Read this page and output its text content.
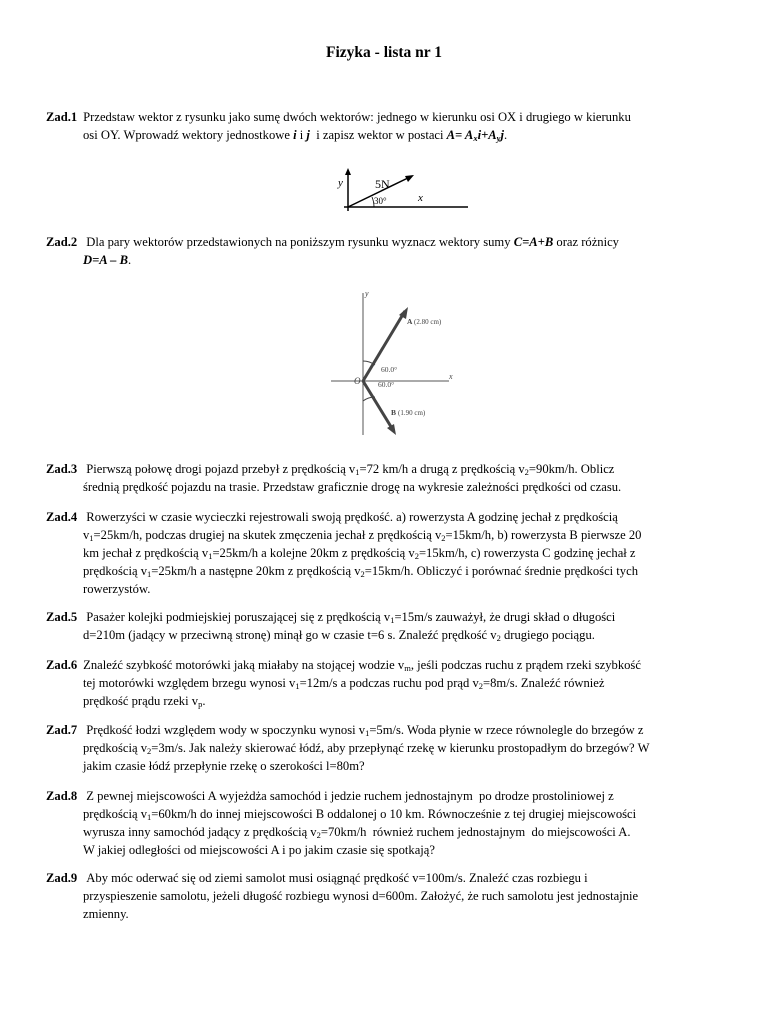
Fizyka - lista nr 1

Zad.1 Przedstaw wektor z rysunku jako sumę dwóch wektorów: jednego w kierunku osi OX i drugiego w kierunku

osi OY. Wprowadź wektory jednostkowe i i j  i zapisz wektor w postaci $A= A_xi+A_yj$.

y
x
5N
30°

Zad.2 Dla pary wektorów przedstawionych na poniższym rysunku wyznacz wektory sumy C=A+B oraz różnicy

D=A – B.

y
x
O
A (2.80 cm)
B (1.90 cm)
60.0°
60.0°

Zad.3 Pierwszą połowę drogi pojazd przebył z prędkością $v_1=72$ km/h a drugą z prędkością $v_2=90km/h$. Oblicz

średnią prędkość pojazdu na trasie. Przedstaw graficznie drogę na wykresie zależności prędkości od czasu.

Zad.4 Rowerzyści w czasie wycieczki rejestrowali swoją prędkość. a) rowerzysta A godzinę jechał z prędkością

$v_1=25km/h$, podczas drugiej na skutek zmęczenia jechał z prędkością $v_2=15km/h$, b) rowerzysta B pierwsze 20

km jechał z prędkością $v_1=25km/h$ a kolejne 20km z prędkością $v_2=15km/h$, c) rowerzysta C godzinę jechał z

prędkością $v_1=25km/h$ a następne 20km z prędkością $v_2=15km/h$. Obliczyć i porównać średnie prędkości tych

rowerzystów.

Zad.5 Pasażer kolejki podmiejskiej poruszającej się z prędkością $v_1=15m/s$ zauważył, że drugi skład o długości

d=210m (jadący w przeciwną stronę) minął go w czasie t=6 s. Znaleźć prędkość $v_2$ drugiego pociągu.

Zad.6 Znaleźć szybkość motorówki jaką miałaby na stojącej wodzie $v_m$, jeśli podczas ruchu z prądem rzeki szybkość

tej motorówki względem brzegu wynosi $v_1=12m/s$ a podczas ruchu pod prąd $v_2=8m/s$. Znaleźć również

prędkość prądu rzeki $v_p$.

Zad.7 Prędkość łodzi względem wody w spoczynku wynosi $v_1=5m/s$. Woda płynie w rzece równolegle do brzegów z

prędkością $v_2=3m/s$. Jak należy skierować łódź, aby przepłynąć rzekę w kierunku prostopadłym do brzegów? W

jakim czasie łódź przepłynie rzekę o szerokości l=80m?

Zad.8 Z pewnej miejscowości A wyjeżdża samochód i jedzie ruchem jednostajnym  po drodze prostoliniowej z

prędkością $v_1=60km/h$ do innej miejscowości B oddalonej o 10 km. Równocześnie z tej drugiej miejscowości

wyrusza inny samochód jadący z prędkością $v_2=70km/h$  również ruchem jednostajnym  do miejscowości A.

W jakiej odległości od miejscowości A i po jakim czasie się spotkają?

Zad.9 Aby móc oderwać się od ziemi samolot musi osiągnąć prędkość v=100m/s. Znaleźć czas rozbiegu i

przyspieszenie samolotu, jeżeli długość rozbiegu wynosi d=600m. Założyć, że ruch samolotu jest jednostajnie

zmienny.
